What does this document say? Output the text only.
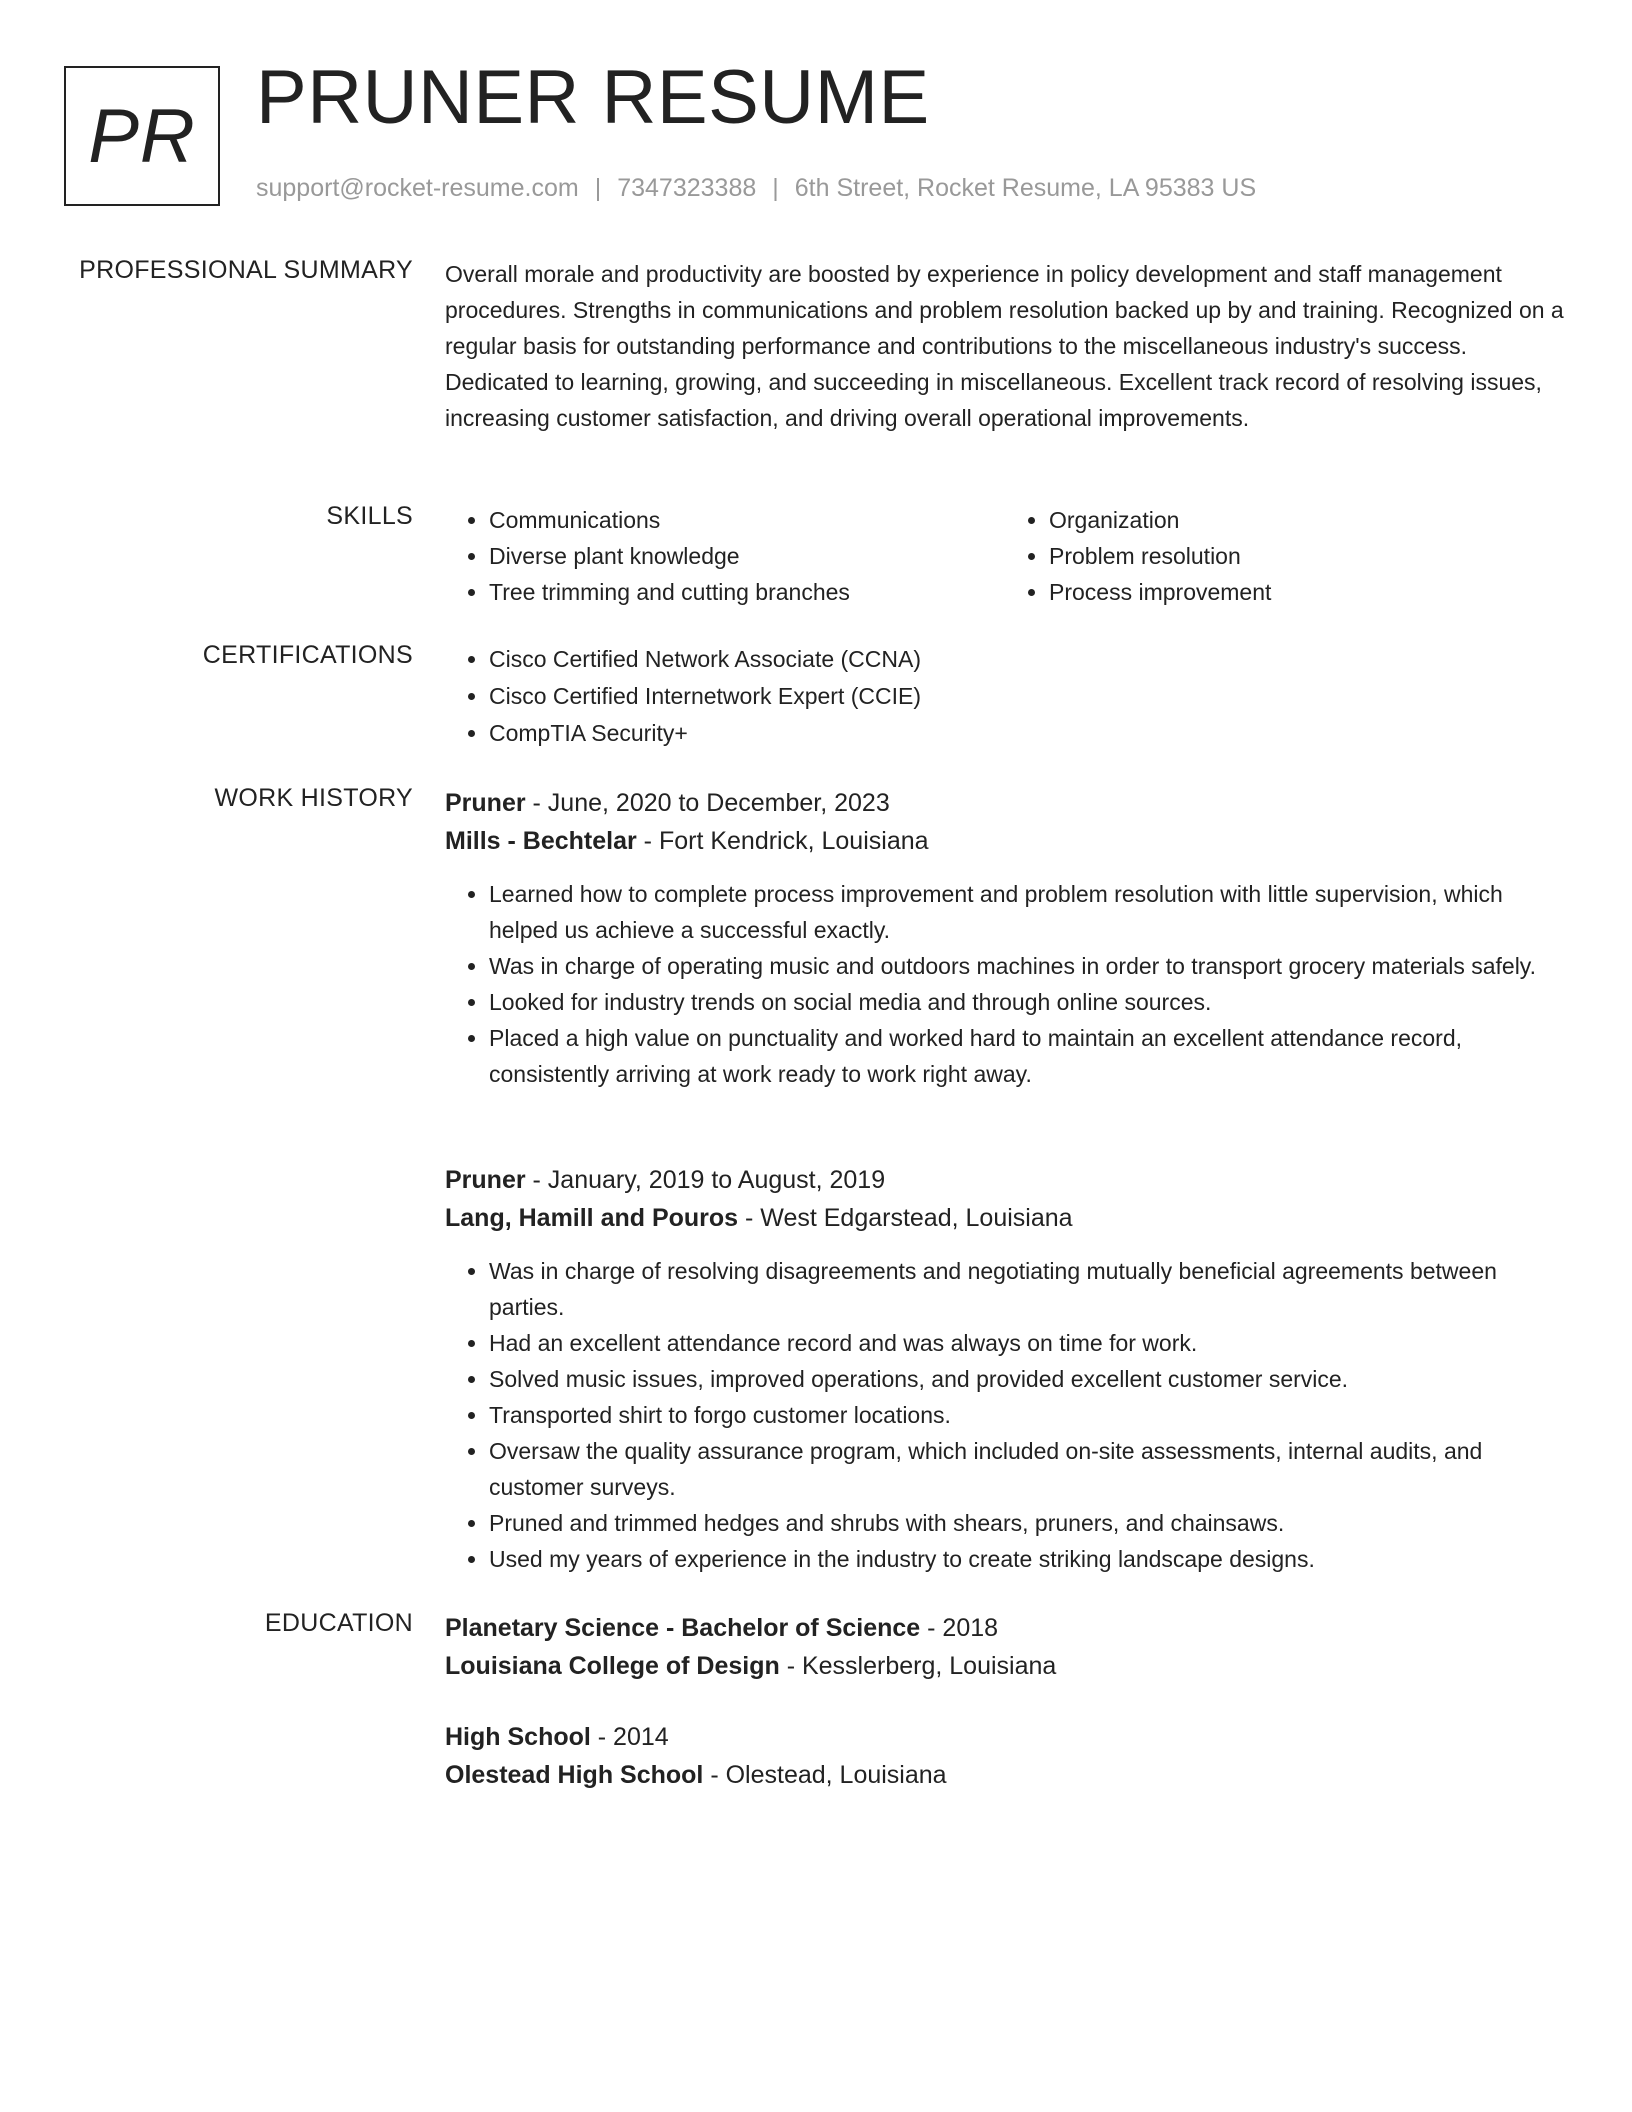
PR PRUNER RESUME
support@rocket-resume.com | 7347323388 | 6th Street, Rocket Resume, LA 95383 US
PROFESSIONAL SUMMARY Overall morale and productivity are boosted by experience in policy development and staff management procedures. Strengths in communications and problem resolution backed up by and training. Recognized on a regular basis for outstanding performance and contributions to the miscellaneous industry's success. Dedicated to learning, growing, and succeeding in miscellaneous. Excellent track record of resolving issues, increasing customer satisfaction, and driving overall operational improvements.

SKILLS	• Communications
• Diverse plant knowledge
• Tree trimming and cutting branches
• Organization
• Problem resolution
• Process improvement
CERTIFICATIONS	• Cisco Certified Network Associate (CCNA)
• Cisco Certified Internetwork Expert (CCIE)
• CompTIA Security+
WORK HISTORY Pruner - June, 2020 to December, 2023
Mills - Bechtelar - Fort Kendrick, Louisiana
• Learned how to complete process improvement and problem resolution with little supervision, which helped us achieve a successful exactly.
• Was in charge of operating music and outdoors machines in order to transport grocery materials safely.
• Looked for industry trends on social media and through online sources.
• Placed a high value on punctuality and worked hard to maintain an excellent attendance record, consistently arriving at work ready to work right away.
Pruner - January, 2019 to August, 2019
Lang, Hamill and Pouros - West Edgarstead, Louisiana
• Was in charge of resolving disagreements and negotiating mutually beneficial agreements between parties.
• Had an excellent attendance record and was always on time for work.
• Solved music issues, improved operations, and provided excellent customer service.
• Transported shirt to forgo customer locations.
• Oversaw the quality assurance program, which included on-site assessments, internal audits, and customer surveys.
• Pruned and trimmed hedges and shrubs with shears, pruners, and chainsaws.
• Used my years of experience in the industry to create striking landscape designs.
EDUCATION Planetary Science - Bachelor of Science - 2018
Louisiana College of Design - Kesslerberg, Louisiana
High School - 2014
Olestead High School - Olestead, Louisiana
